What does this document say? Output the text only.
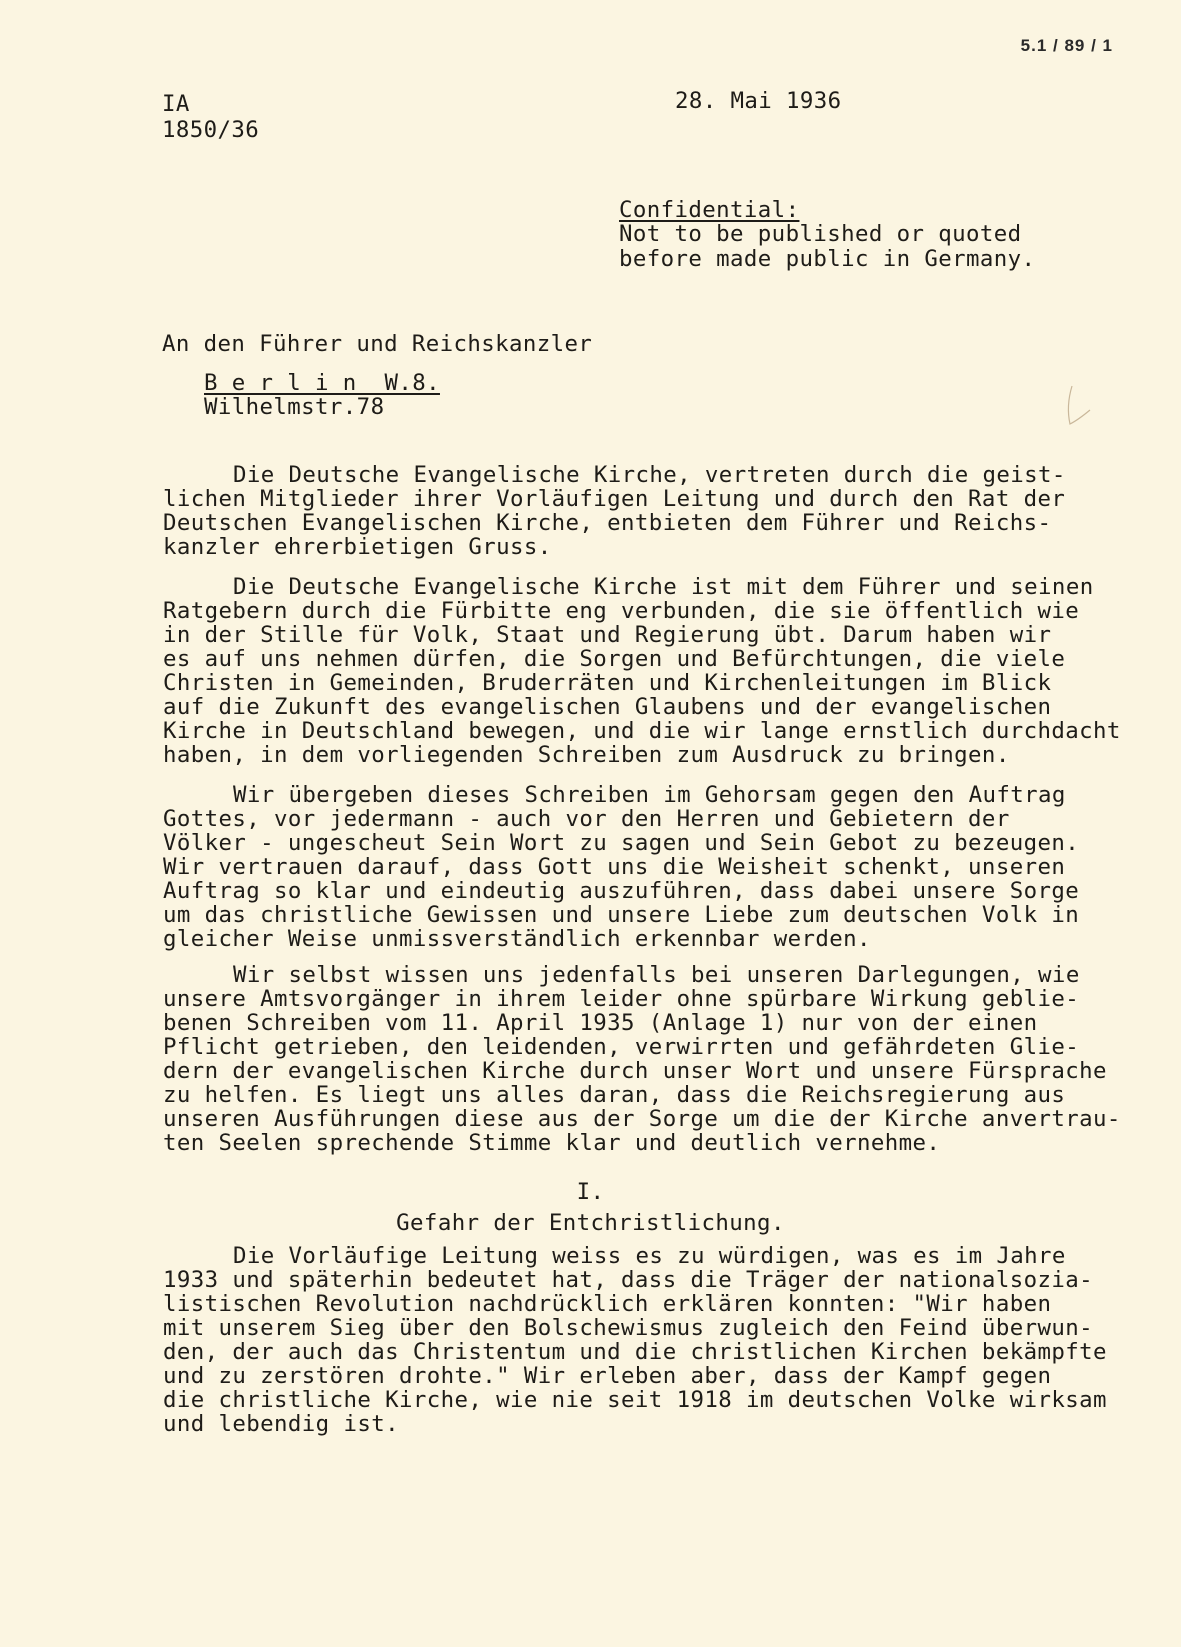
5.1 / 89 / 1
IA
1850/36
28. Mai 1936
Confidential:
Not to be published or quoted
before made public in Germany.
An den Führer und Reichskanzler
B e r l i n  W.8.
Wilhelmstr.78
Die Deutsche Evangelische Kirche, vertreten durch die geist-
lichen Mitglieder ihrer Vorläufigen Leitung und durch den Rat der
Deutschen Evangelischen Kirche, entbieten dem Führer und Reichs-
kanzler ehrerbietigen Gruss.
Die Deutsche Evangelische Kirche ist mit dem Führer und seinen
Ratgebern durch die Fürbitte eng verbunden, die sie öffentlich wie
in der Stille für Volk, Staat und Regierung übt. Darum haben wir
es auf uns nehmen dürfen, die Sorgen und Befürchtungen, die viele
Christen in Gemeinden, Bruderräten und Kirchenleitungen im Blick
auf die Zukunft des evangelischen Glaubens und der evangelischen
Kirche in Deutschland bewegen, und die wir lange ernstlich durchdacht
haben, in dem vorliegenden Schreiben zum Ausdruck zu bringen.
Wir übergeben dieses Schreiben im Gehorsam gegen den Auftrag
Gottes, vor jedermann - auch vor den Herren und Gebietern der
Völker - ungescheut Sein Wort zu sagen und Sein Gebot zu bezeugen.
Wir vertrauen darauf, dass Gott uns die Weisheit schenkt, unseren
Auftrag so klar und eindeutig auszuführen, dass dabei unsere Sorge
um das christliche Gewissen und unsere Liebe zum deutschen Volk in
gleicher Weise unmissverständlich erkennbar werden.
Wir selbst wissen uns jedenfalls bei unseren Darlegungen, wie
unsere Amtsvorgänger in ihrem leider ohne spürbare Wirkung geblie-
benen Schreiben vom 11. April 1935 (Anlage 1) nur von der einen
Pflicht getrieben, den leidenden, verwirrten und gefährdeten Glie-
dern der evangelischen Kirche durch unser Wort und unsere Fürsprache
zu helfen. Es liegt uns alles daran, dass die Reichsregierung aus
unseren Ausführungen diese aus der Sorge um die der Kirche anvertrau-
ten Seelen sprechende Stimme klar und deutlich vernehme.
I.
Gefahr der Entchristlichung.
Die Vorläufige Leitung weiss es zu würdigen, was es im Jahre
1933 und späterhin bedeutet hat, dass die Träger der nationalsozia-
listischen Revolution nachdrücklich erklären konnten: "Wir haben
mit unserem Sieg über den Bolschewismus zugleich den Feind überwun-
den, der auch das Christentum und die christlichen Kirchen bekämpfte
und zu zerstören drohte." Wir erleben aber, dass der Kampf gegen
die christliche Kirche, wie nie seit 1918 im deutschen Volke wirksam
und lebendig ist.
